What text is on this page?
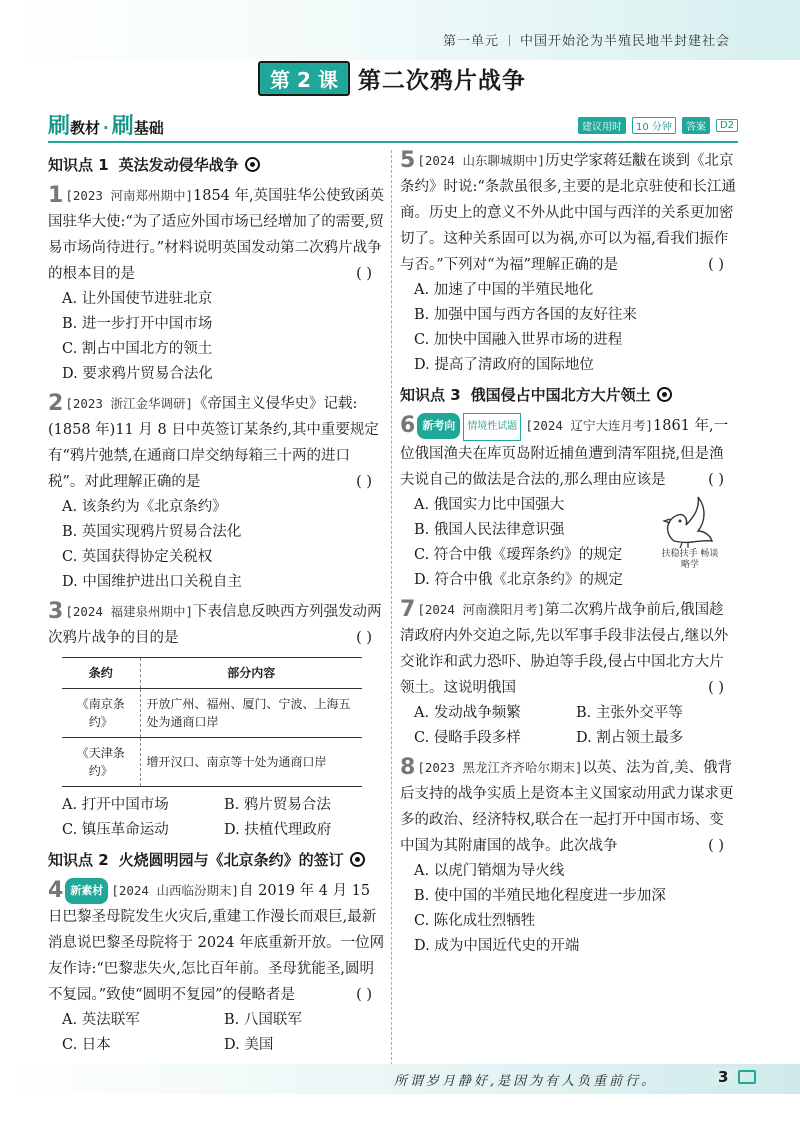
第一单元 中国开始沦为半殖民地半封建社会
第 2 课 第二次鸦片战争
刷教材 · 刷基础	建议用时	10 分钟	答案	D2
知识点 1 英法发动侵华战争
1 [2023 河南郑州期中]1854 年,英国驻华公使致函英国驻华大使:“为了适应外国市场已经增加了的需要,贸易市场尚待进行。”材料说明英国发动第二次鸦片战争的根本目的是	( )

A. 让外国使节进驻北京
B. 进一步打开中国市场
C. 割占中国北方的领土
D. 要求鸦片贸易合法化
2 [2023 浙江金华调研]《帝国主义侵华史》记载:(1858 年)11 月 8 日中英签订某条约,其中重要规定有“鸦片弛禁,在通商口岸交纳每箱三十两的进口税”。对此理解正确的是	( )

A. 该条约为《北京条约》
B. 英国实现鸦片贸易合法化
C. 英国获得协定关税权
D. 中国维护进出口关税自主
3 [2024 福建泉州期中]下表信息反映西方列强发动两次鸦片战争的目的是	( )

条约	部分内容
《南京条约》	开放广州、福州、厦门、宁波、上海五处为通商口岸
《天津条约》	增开汉口、南京等十处为通商口岸
A. 打开中国市场	B. 鸦片贸易合法
C. 镇压革命运动	D. 扶植代理政府
知识点 2 火烧圆明园与《北京条约》的签订
4 新素材 [2024 山西临汾期末]自 2019 年 4 月 15 日巴黎圣母院发生火灾后,重建工作漫长而艰巨,最新消息说巴黎圣母院将于 2024 年底重新开放。一位网友作诗:“巴黎悲失火,怎比百年前。圣母犹能圣,圆明不复园。”致使“圆明不复园”的侵略者是	( )

A. 英法联军	B. 八国联军
C. 日本	D. 美国
5 [2024 山东聊城期中]历史学家蒋廷黻在谈到《北京条约》时说:“条款虽很多,主要的是北京驻使和长江通商。历史上的意义不外从此中国与西洋的关系更加密切了。这种关系固可以为祸,亦可以为福,看我们振作与否。”下列对“为福”理解正确的是	( )

A. 加速了中国的半殖民地化
B. 加强中国与西方各国的友好往来
C. 加快中国融入世界市场的进程
D. 提高了清政府的国际地位
知识点 3 俄国侵占中国北方大片领土
6 新考向 情境性试题 [2024 辽宁大连月考]1861 年,一位俄国渔夫在库页岛附近捕鱼遭到清军阻挠,但是渔夫说自己的做法是合法的,那么理由应该是	( )

A. 俄国实力比中国强大
B. 俄国人民法律意识强
C. 符合中俄《瑷珲条约》的规定
D. 符合中俄《北京条约》的规定
扶稳扶手 畅谈略学
7 [2024 河南濮阳月考]第二次鸦片战争前后,俄国趁清政府内外交迫之际,先以军事手段非法侵占,继以外交讹诈和武力恐吓、胁迫等手段,侵占中国北方大片领土。这说明俄国	( )

A. 发动战争频繁	B. 主张外交平等
C. 侵略手段多样	D. 割占领土最多
8 [2023 黑龙江齐齐哈尔期末]以英、法为首,美、俄背后支持的战争实质上是资本主义国家动用武力谋求更多的政治、经济特权,联合在一起打开中国市场、变中国为其附庸国的战争。此次战争	( )

A. 以虎门销烟为导火线
B. 使中国的半殖民地化程度进一步加深
C. 陈化成壮烈牺牲
D. 成为中国近代史的开端
所谓岁月静好,是因为有人负重前行。	3
